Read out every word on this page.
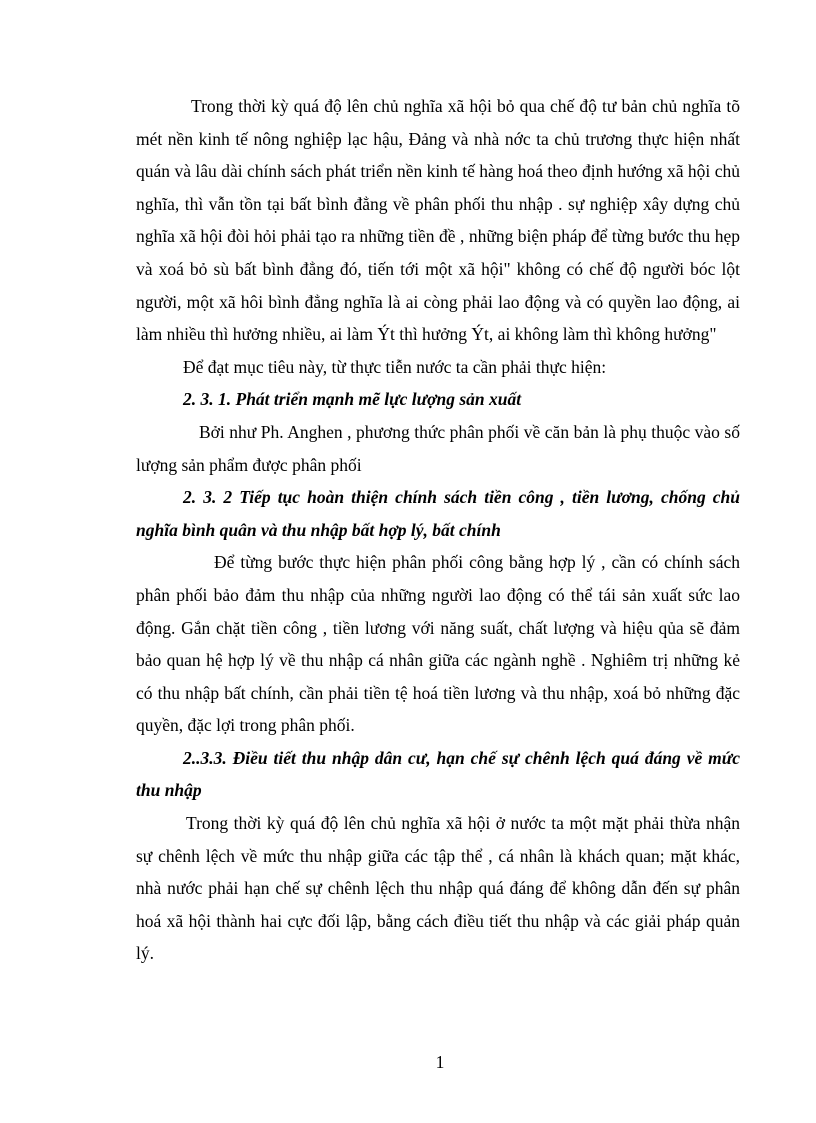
Trong thời kỳ quá độ lên chủ nghĩa xã hội bỏ qua chế độ tư bản chủ nghĩa tõ mét nền kinh tế nông nghiệp lạc hậu, Đảng và nhà nớc ta chủ trương thực hiện nhất quán và lâu dài chính sách phát triển nền kinh tế hàng hoá theo định hướng xã hội chủ nghĩa, thì vẫn tồn tại bất bình đẳng về phân phối thu nhập . sự nghiệp xây dựng chủ nghĩa xã hội đòi hỏi phải tạo ra những tiền đề , những biện pháp để từng bước thu hẹp và xoá bỏ sù bất bình đẳng đó, tiến tới một xã hội" không có chế độ người bóc lột người, một xã hôi bình đẳng nghĩa là ai còng phải lao động và có quyền lao động, ai làm nhiều thì hưởng nhiều, ai làm Ýt thì hưởng Ýt, ai không làm thì không hưởng"

Để đạt mục tiêu này, từ thực tiễn nước ta cần phải thực hiện:

2. 3. 1. Phát triển mạnh mẽ lực lượng sản xuất

Bởi như Ph. Anghen , phương thức phân phối về căn bản là phụ thuộc vào số lượng sản phẩm được phân phối

2. 3. 2 Tiếp tục hoàn thiện chính sách tiền công , tiền lương, chống chủ nghĩa bình quân và thu nhập bất hợp lý, bất chính

Để từng bước thực hiện phân phối công bằng hợp lý , cần có chính sách phân phối bảo đảm thu nhập của những người lao động có thể tái sản xuất sức lao động. Gắn chặt tiền công , tiền lương với năng suất, chất lượng và hiệu qủa sẽ đảm bảo quan hệ hợp lý về thu nhập cá nhân giữa các ngành nghề . Nghiêm trị những kẻ có thu nhập bất chính, cần phải tiền tệ hoá tiền lương và thu nhập, xoá bỏ những đặc quyền, đặc lợi trong phân phối.

2..3.3. Điều tiết thu nhập dân cư, hạn chế sự chênh lệch quá đáng về mức thu nhập

Trong thời kỳ quá độ lên chủ nghĩa xã hội ở nước ta một mặt phải thừa nhận sự chênh lệch về mức thu nhập giữa các tập thể , cá nhân là khách quan; mặt khác, nhà nước phải hạn chế sự chênh lệch thu nhập quá đáng để không dẫn đến sự phân hoá xã hội thành hai cực đối lập, bằng cách điều tiết thu nhập và các giải pháp quản lý.

1
